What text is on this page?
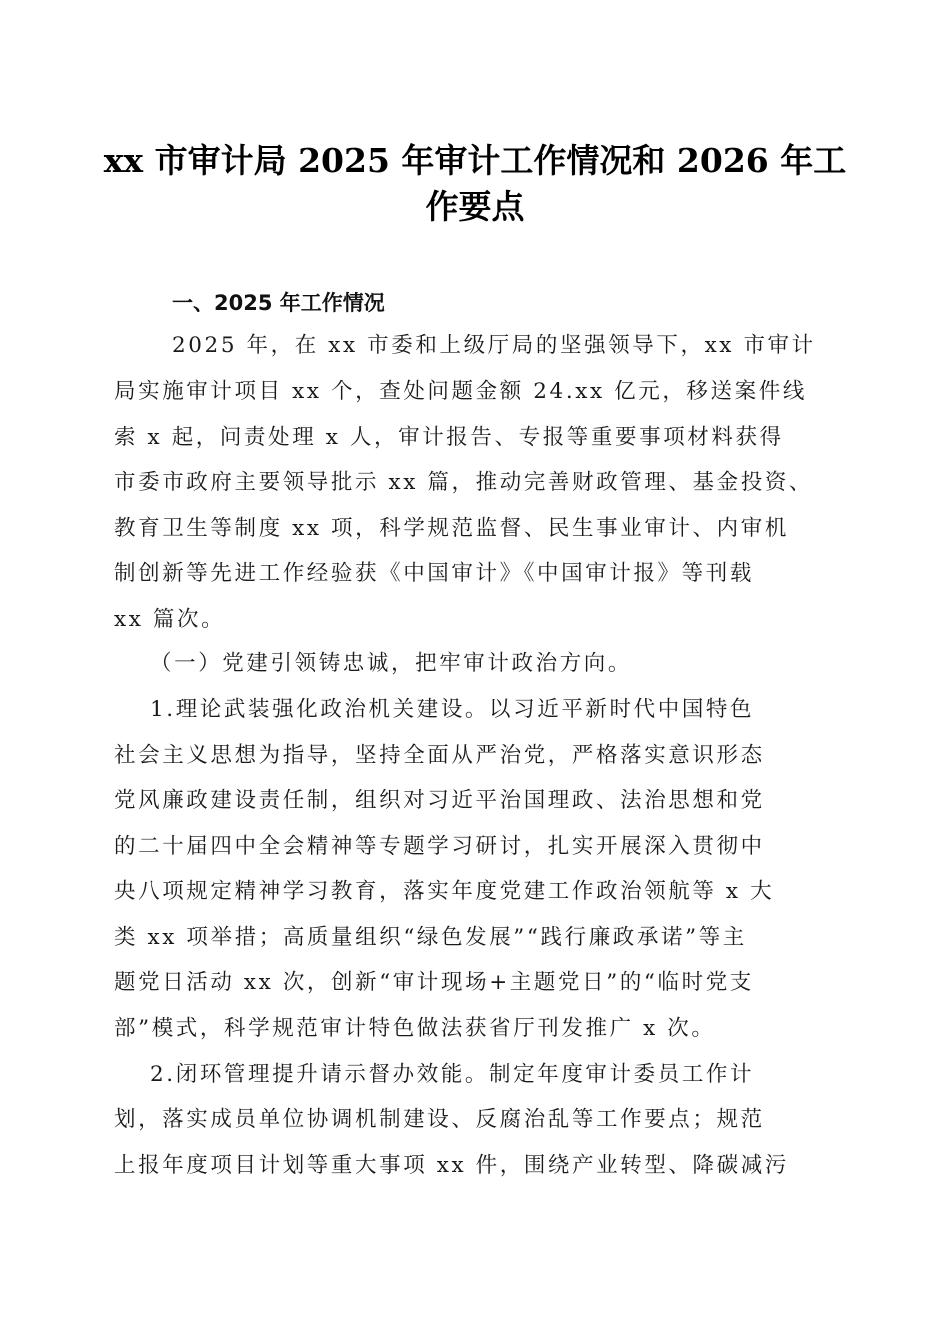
xx 市审计局 2025 年审计工作情况和 2026 年工
作要点
一、2025 年工作情况
2025 年，在 xx 市委和上级厅局的坚强领导下，xx 市审计
局实施审计项目 xx 个，查处问题金额 24.xx 亿元，移送案件线
索 x 起，问责处理 x 人，审计报告、专报等重要事项材料获得
市委市政府主要领导批示 xx 篇，推动完善财政管理、基金投资、
教育卫生等制度 xx 项，科学规范监督、民生事业审计、内审机
制创新等先进工作经验获《中国审计》《中国审计报》等刊载
xx 篇次。
（一）党建引领铸忠诚，把牢审计政治方向。
1.理论武装强化政治机关建设。以习近平新时代中国特色
社会主义思想为指导，坚持全面从严治党，严格落实意识形态
党风廉政建设责任制，组织对习近平治国理政、法治思想和党
的二十届四中全会精神等专题学习研讨，扎实开展深入贯彻中
央八项规定精神学习教育，落实年度党建工作政治领航等 x 大
类 xx 项举措；高质量组织“绿色发展”“践行廉政承诺”等主
题党日活动 xx 次，创新“审计现场+主题党日”的“临时党支
部”模式，科学规范审计特色做法获省厅刊发推广 x 次。
2.闭环管理提升请示督办效能。制定年度审计委员工作计
划，落实成员单位协调机制建设、反腐治乱等工作要点；规范
上报年度项目计划等重大事项 xx 件，围绕产业转型、降碳减污
